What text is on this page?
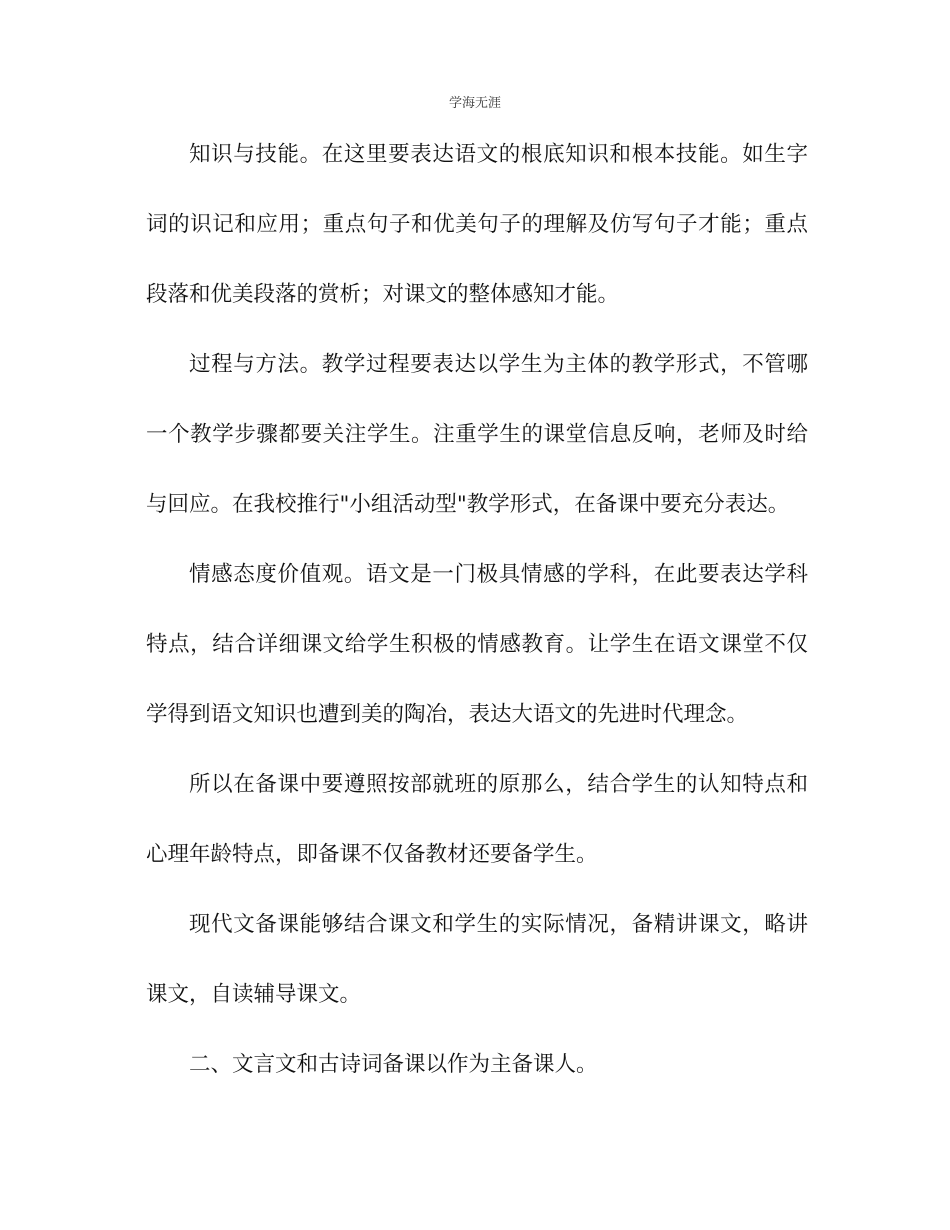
学海无涯

知识与技能。在这里要表达语文的根底知识和根本技能。如生字词的识记和应用；重点句子和优美句子的理解及仿写句子才能；重点段落和优美段落的赏析；对课文的整体感知才能。

过程与方法。教学过程要表达以学生为主体的教学形式，不管哪一个教学步骤都要关注学生。注重学生的课堂信息反响，老师及时给与回应。在我校推行"小组活动型"教学形式，在备课中要充分表达。

情感态度价值观。语文是一门极具情感的学科，在此要表达学科特点，结合详细课文给学生积极的情感教育。让学生在语文课堂不仅学得到语文知识也遭到美的陶冶，表达大语文的先进时代理念。

所以在备课中要遵照按部就班的原那么，结合学生的认知特点和心理年龄特点，即备课不仅备教材还要备学生。

现代文备课能够结合课文和学生的实际情况，备精讲课文，略讲课文，自读辅导课文。

二、文言文和古诗词备课以作为主备课人。
